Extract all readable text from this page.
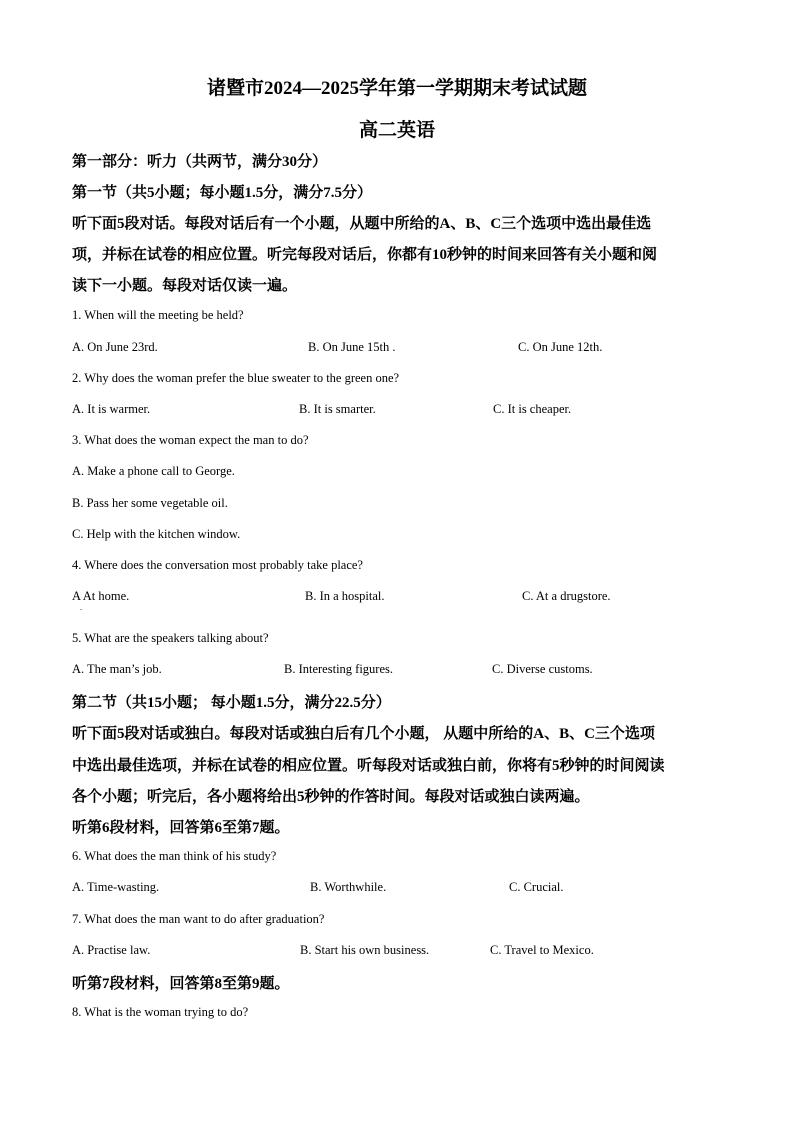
诸暨市2024—2025学年第一学期期末考试试题
高二英语
第一部分：听力（共两节，满分30分）
第一节（共5小题；每小题1.5分，满分7.5分）
听下面5段对话。每段对话后有一个小题，从题中所给的A、B、C三个选项中选出最佳选
项，并标在试卷的相应位置。听完每段对话后，你都有10秒钟的时间来回答有关小题和阅
读下一小题。每段对话仅读一遍。
1. When will the meeting be held?
A. On June 23rd.	B. On June 15th .	C. On June 12th.
2. Why does the woman prefer the blue sweater to the green one?
A. It is warmer.	B. It is smarter.	C. It is cheaper.
3. What does the woman expect the man to do?
A. Make a phone call to George.
B. Pass her some vegetable oil.
C. Help with the kitchen window.
4. Where does the conversation most probably take place?
A At home.	B. In a hospital.	C. At a drugstore.
.
5. What are the speakers talking about?
A. The man’s job.	B. Interesting figures.	C. Diverse customs.
第二节（共15小题； 每小题1.5分，满分22.5分）
听下面5段对话或独白。每段对话或独白后有几个小题， 从题中所给的A、B、C三个选项
中选出最佳选项，并标在试卷的相应位置。听每段对话或独白前，你将有5秒钟的时间阅读
各个小题；听完后，各小题将给出5秒钟的作答时间。每段对话或独白读两遍。
听第6段材料，回答第6至第7题。
6. What does the man think of his study?
A. Time-wasting.	B. Worthwhile.	C. Crucial.
7. What does the man want to do after graduation?
A. Practise law.	B. Start his own business.	C. Travel to Mexico.
听第7段材料，回答第8至第9题。
8. What is the woman trying to do?
